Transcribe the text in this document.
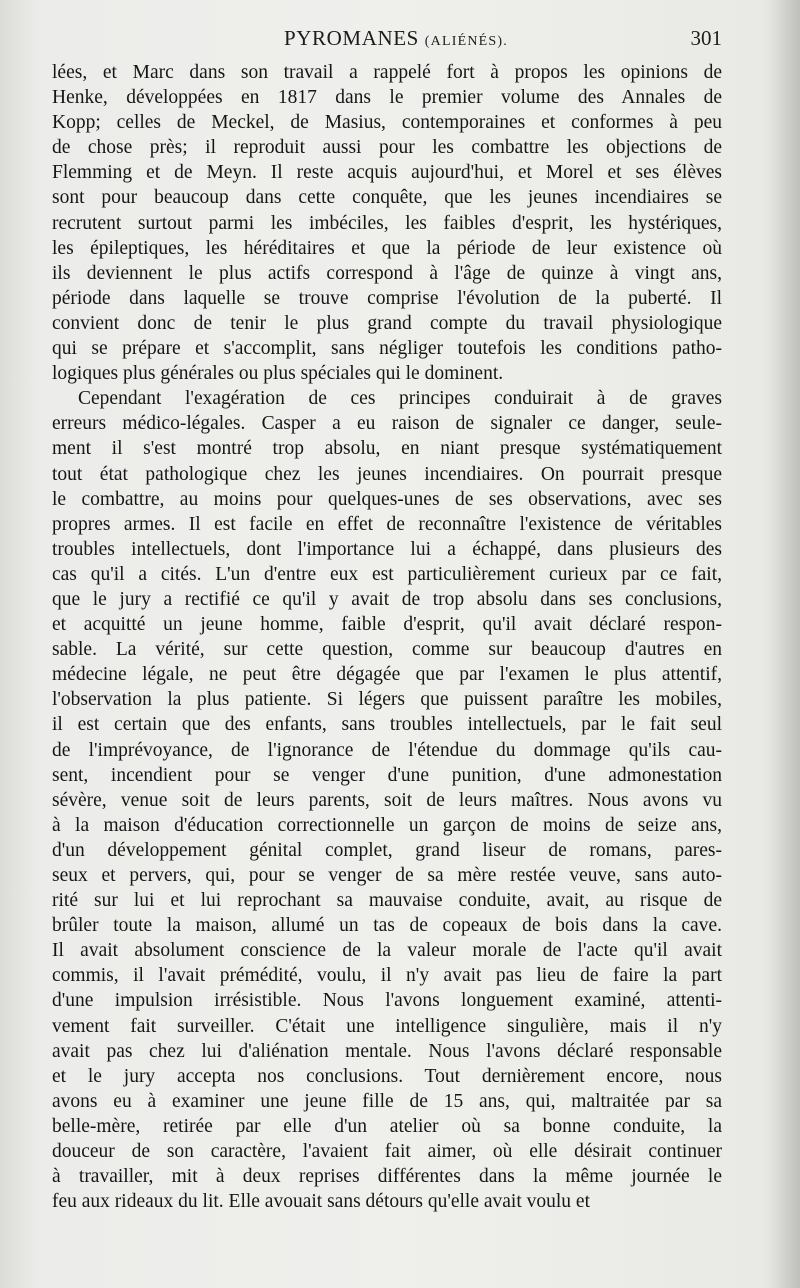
PYROMANES (ALIÉNÉS).	301
lées, et Marc dans son travail a rappelé fort à propos les opinions de
Henke, développées en 1817 dans le premier volume des Annales de
Kopp; celles de Meckel, de Masius, contemporaines et conformes à peu
de chose près; il reproduit aussi pour les combattre les objections de
Flemming et de Meyn. Il reste acquis aujourd'hui, et Morel et ses élèves
sont pour beaucoup dans cette conquête, que les jeunes incendiaires se
recrutent surtout parmi les imbéciles, les faibles d'esprit, les hystériques,
les épileptiques, les héréditaires et que la période de leur existence où
ils deviennent le plus actifs correspond à l'âge de quinze à vingt ans,
période dans laquelle se trouve comprise l'évolution de la puberté. Il
convient donc de tenir le plus grand compte du travail physiologique
qui se prépare et s'accomplit, sans négliger toutefois les conditions patho-
logiques plus générales ou plus spéciales qui le dominent.
Cependant l'exagération de ces principes conduirait à de graves
erreurs médico-légales. Casper a eu raison de signaler ce danger, seule-
ment il s'est montré trop absolu, en niant presque systématiquement
tout état pathologique chez les jeunes incendiaires. On pourrait presque
le combattre, au moins pour quelques-unes de ses observations, avec ses
propres armes. Il est facile en effet de reconnaître l'existence de véritables
troubles intellectuels, dont l'importance lui a échappé, dans plusieurs des
cas qu'il a cités. L'un d'entre eux est particulièrement curieux par ce fait,
que le jury a rectifié ce qu'il y avait de trop absolu dans ses conclusions,
et acquitté un jeune homme, faible d'esprit, qu'il avait déclaré respon-
sable. La vérité, sur cette question, comme sur beaucoup d'autres en
médecine légale, ne peut être dégagée que par l'examen le plus attentif,
l'observation la plus patiente. Si légers que puissent paraître les mobiles,
il est certain que des enfants, sans troubles intellectuels, par le fait seul
de l'imprévoyance, de l'ignorance de l'étendue du dommage qu'ils cau-
sent, incendient pour se venger d'une punition, d'une admonestation
sévère, venue soit de leurs parents, soit de leurs maîtres. Nous avons vu
à la maison d'éducation correctionnelle un garçon de moins de seize ans,
d'un développement génital complet, grand liseur de romans, pares-
seux et pervers, qui, pour se venger de sa mère restée veuve, sans auto-
rité sur lui et lui reprochant sa mauvaise conduite, avait, au risque de
brûler toute la maison, allumé un tas de copeaux de bois dans la cave.
Il avait absolument conscience de la valeur morale de l'acte qu'il avait
commis, il l'avait prémédité, voulu, il n'y avait pas lieu de faire la part
d'une impulsion irrésistible. Nous l'avons longuement examiné, attenti-
vement fait surveiller. C'était une intelligence singulière, mais il n'y
avait pas chez lui d'aliénation mentale. Nous l'avons déclaré responsable
et le jury accepta nos conclusions. Tout dernièrement encore, nous
avons eu à examiner une jeune fille de 15 ans, qui, maltraitée par sa
belle-mère, retirée par elle d'un atelier où sa bonne conduite, la
douceur de son caractère, l'avaient fait aimer, où elle désirait continuer
à travailler, mit à deux reprises différentes dans la même journée le
feu aux rideaux du lit. Elle avouait sans détours qu'elle avait voulu et
